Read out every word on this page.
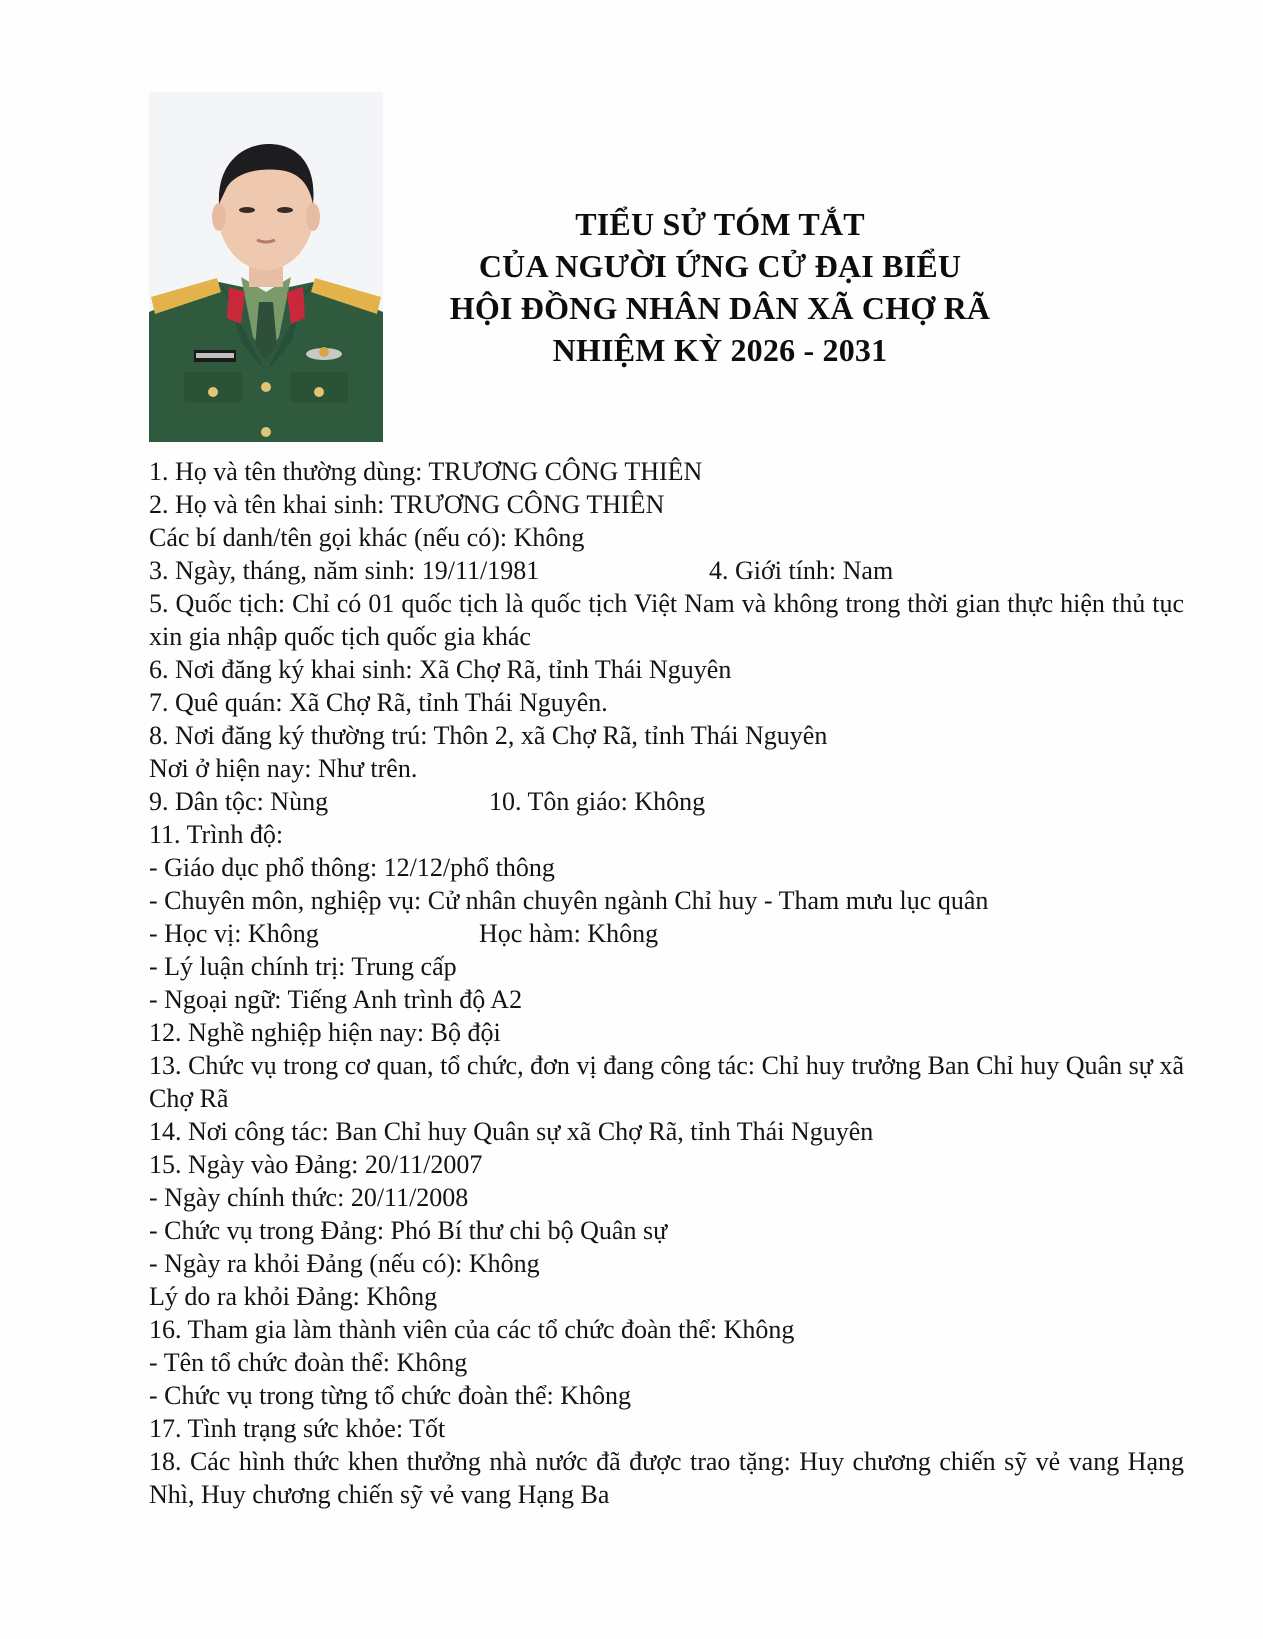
TIỂU SỬ TÓM TẮT
CỦA NGƯỜI ỨNG CỬ ĐẠI BIỂU
HỘI ĐỒNG NHÂN DÂN XÃ CHỢ RÃ
NHIỆM KỲ 2026 - 2031
1. Họ và tên thường dùng: TRƯƠNG CÔNG THIÊN
2. Họ và tên khai sinh: TRƯƠNG CÔNG THIÊN
Các bí danh/tên gọi khác (nếu có): Không
3. Ngày, tháng, năm sinh: 19/11/1981	4. Giới tính: Nam
5. Quốc tịch: Chỉ có 01 quốc tịch là quốc tịch Việt Nam và không trong thời gian thực hiện thủ tục xin gia nhập quốc tịch quốc gia khác
6. Nơi đăng ký khai sinh: Xã Chợ Rã, tỉnh Thái Nguyên
7. Quê quán: Xã Chợ Rã, tỉnh Thái Nguyên.
8. Nơi đăng ký thường trú: Thôn 2, xã Chợ Rã, tỉnh Thái Nguyên
Nơi ở hiện nay: Như trên.
9. Dân tộc: Nùng	10. Tôn giáo: Không
11. Trình độ:
- Giáo dục phổ thông: 12/12/phổ thông
- Chuyên môn, nghiệp vụ: Cử nhân chuyên ngành Chỉ huy - Tham mưu lục quân
- Học vị: Không	Học hàm: Không
- Lý luận chính trị: Trung cấp
- Ngoại ngữ: Tiếng Anh trình độ A2
12. Nghề nghiệp hiện nay: Bộ đội
13. Chức vụ trong cơ quan, tổ chức, đơn vị đang công tác: Chỉ huy trưởng Ban Chỉ huy Quân sự xã Chợ Rã
14. Nơi công tác: Ban Chỉ huy Quân sự xã Chợ Rã, tỉnh Thái Nguyên
15. Ngày vào Đảng: 20/11/2007
- Ngày chính thức: 20/11/2008
- Chức vụ trong Đảng: Phó Bí thư chi bộ Quân sự
- Ngày ra khỏi Đảng (nếu có): Không
Lý do ra khỏi Đảng: Không
16. Tham gia làm thành viên của các tổ chức đoàn thể: Không
- Tên tổ chức đoàn thể: Không
- Chức vụ trong từng tổ chức đoàn thể: Không
17. Tình trạng sức khỏe: Tốt
18. Các hình thức khen thưởng nhà nước đã được trao tặng: Huy chương chiến sỹ vẻ vang Hạng Nhì, Huy chương chiến sỹ vẻ vang Hạng Ba
